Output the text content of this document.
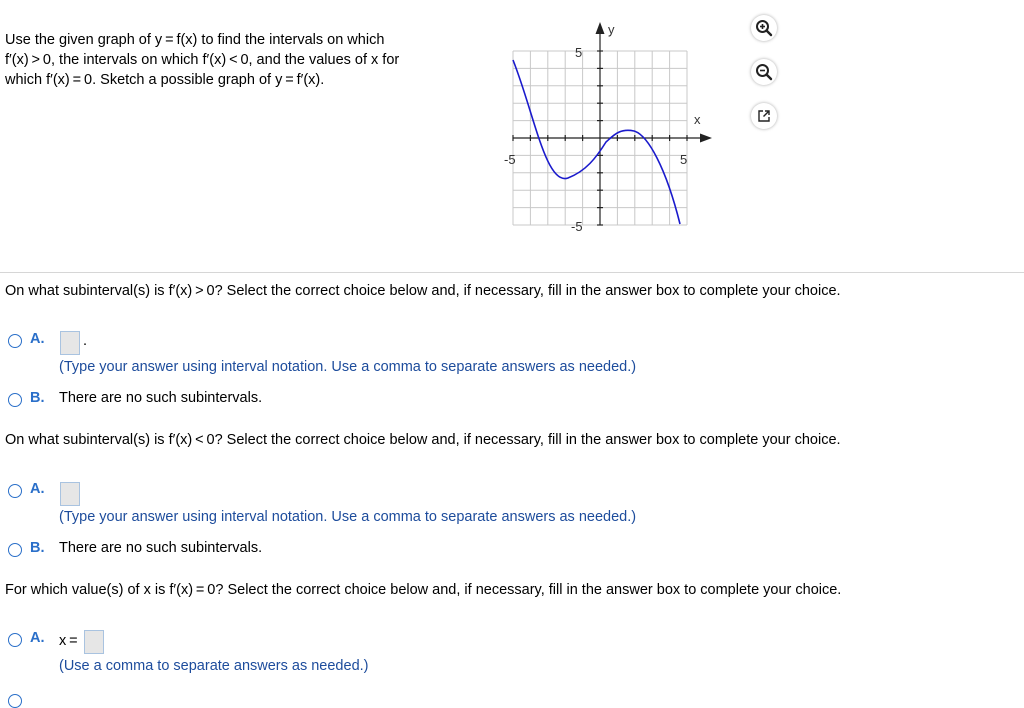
Use the given graph of y = f(x) to find the intervals on which
f′(x) > 0, the intervals on which f′(x) < 0, and the values of x for
which f′(x) = 0. Sketch a possible graph of y = f′(x).
y
x
5
-5
-5	5
On what subinterval(s) is f′(x) > 0? Select the correct choice below and, if necessary, fill in the answer box to complete your choice.
A.	.
(Type your answer using interval notation. Use a comma to separate answers as needed.)
B. There are no such subintervals.
On what subinterval(s) is f′(x) < 0? Select the correct choice below and, if necessary, fill in the answer box to complete your choice.
A.
(Type your answer using interval notation. Use a comma to separate answers as needed.)
B. There are no such subintervals.
For which value(s) of x is f′(x) = 0? Select the correct choice below and, if necessary, fill in the answer box to complete your choice.
A. x =
(Use a comma to separate answers as needed.)
